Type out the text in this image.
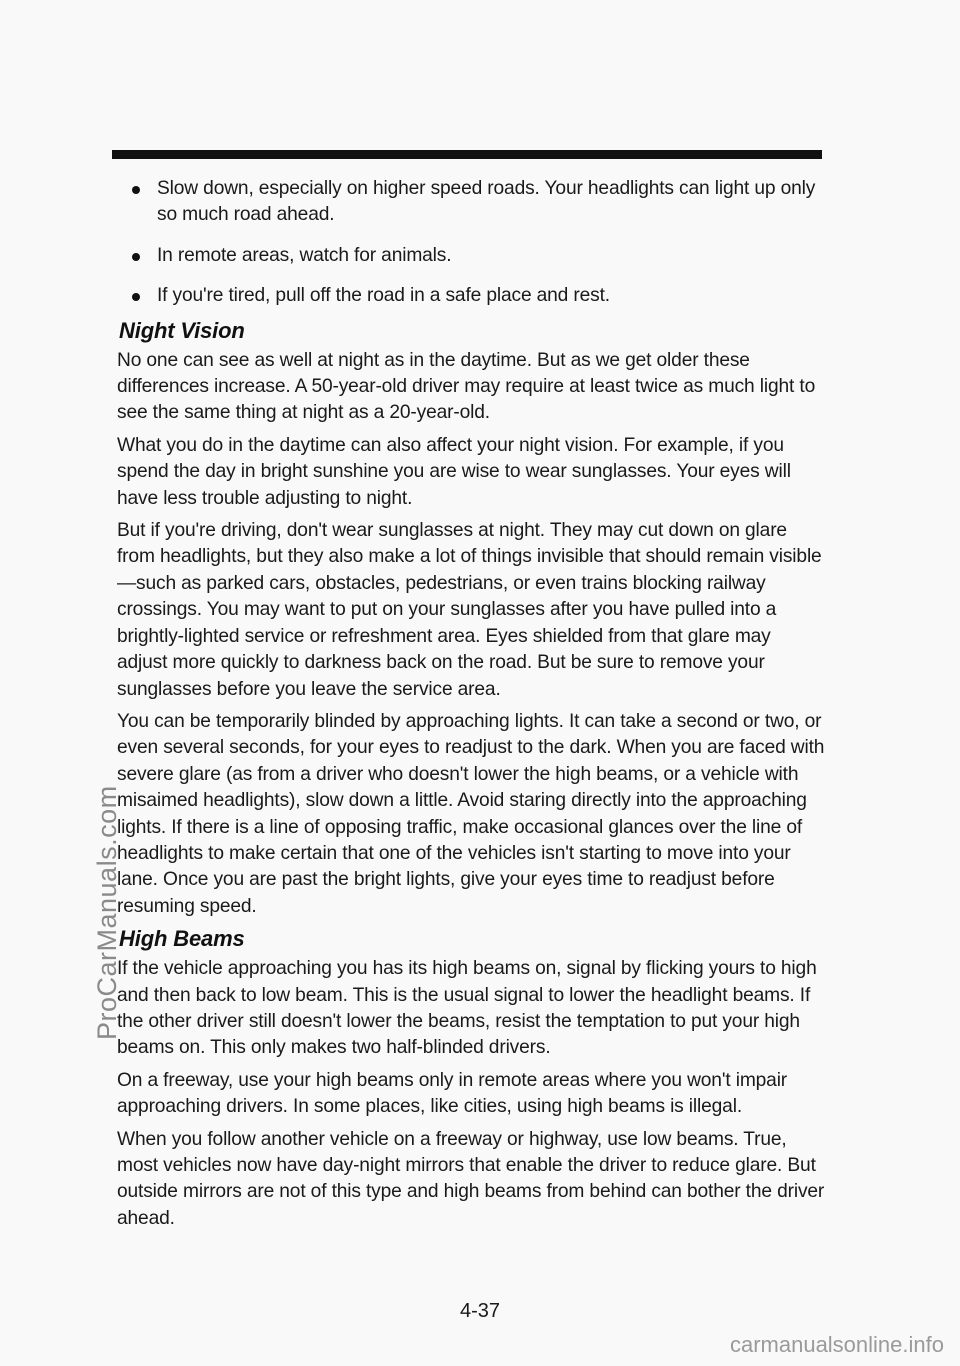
Slow down, especially on higher speed roads. Your headlights can light up only so much road ahead.
In remote areas, watch for animals.
If you're tired, pull off the road in a safe place and rest.
Night Vision

No one can see as well at night as in the daytime. But as we get older these differences increase. A 50-year-old driver may require at least twice as much light to see the same thing at night as a 20-year-old.

What you do in the daytime can also affect your night vision. For example, if you spend the day in bright sunshine you are wise to wear sunglasses. Your eyes will have less trouble adjusting to night.

But if you're driving, don't wear sunglasses at night. They may cut down on glare from headlights, but they also make a lot of things invisible that should remain visible—such as parked cars, obstacles, pedestrians, or even trains blocking railway crossings. You may want to put on your sunglasses after you have pulled into a brightly-lighted service or refreshment area. Eyes shielded from that glare may adjust more quickly to darkness back on the road. But be sure to remove your sunglasses before you leave the service area.

You can be temporarily blinded by approaching lights. It can take a second or two, or even several seconds, for your eyes to readjust to the dark. When you are faced with severe glare (as from a driver who doesn't lower the high beams, or a vehicle with misaimed headlights), slow down a little. Avoid staring directly into the approaching lights. If there is a line of opposing traffic, make occasional glances over the line of headlights to make certain that one of the vehicles isn't starting to move into your lane. Once you are past the bright lights, give your eyes time to readjust before resuming speed.

High Beams

If the vehicle approaching you has its high beams on, signal by flicking yours to high and then back to low beam. This is the usual signal to lower the headlight beams. If the other driver still doesn't lower the beams, resist the temptation to put your high beams on. This only makes two half-blinded drivers.

On a freeway, use your high beams only in remote areas where you won't impair approaching drivers. In some places, like cities, using high beams is illegal.

When you follow another vehicle on a freeway or highway, use low beams. True, most vehicles now have day-night mirrors that enable the driver to reduce glare. But outside mirrors are not of this type and high beams from behind can bother the driver ahead.

4-37
ProCarManuals.com
carmanualsonline.info
